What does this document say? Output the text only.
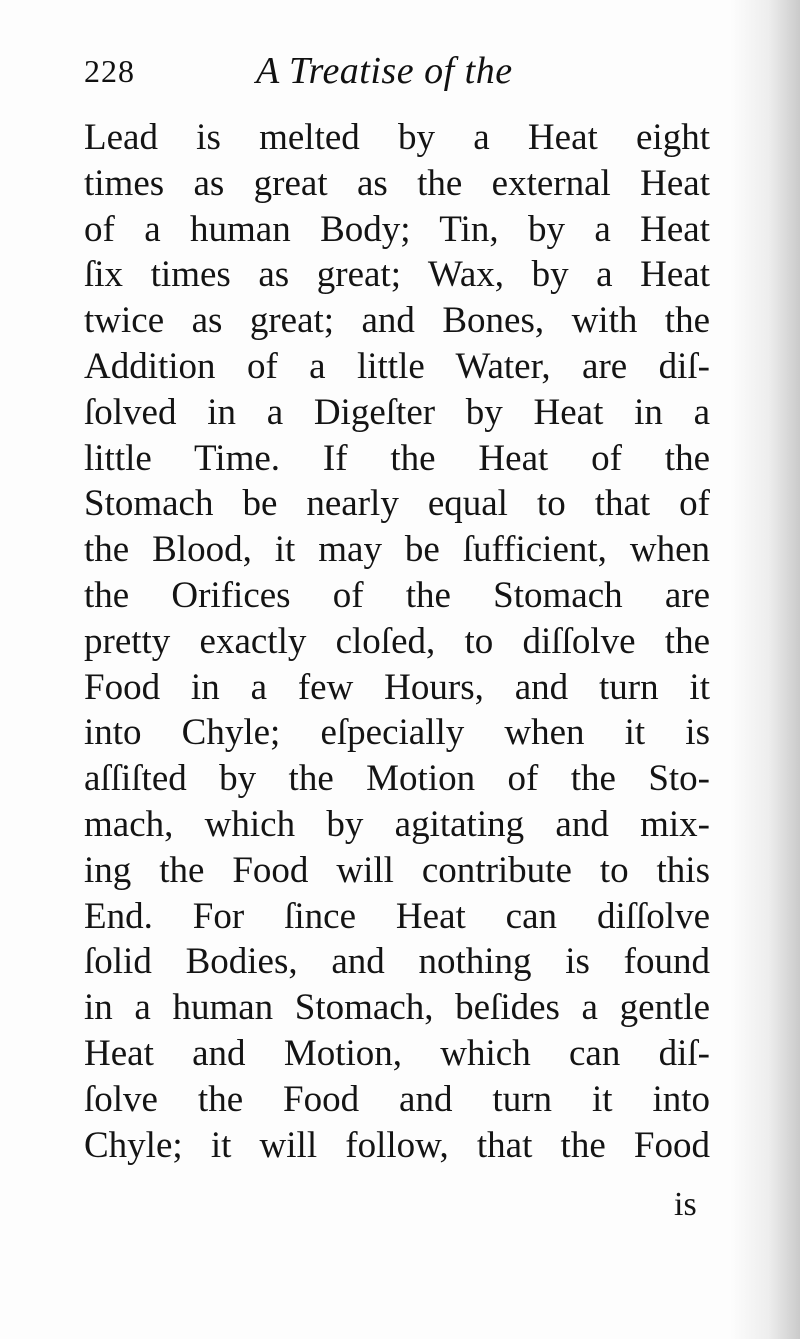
228	A Treatise of the
Lead is melted by a Heat eight
times as great as the external Heat
of a human Body; Tin, by a Heat
ſix times as great; Wax, by a Heat
twice as great; and Bones, with the
Addition of a little Water, are diſ-
ſolved in a Digeſter by Heat in a
little Time. If the Heat of the
Stomach be nearly equal to that of
the Blood, it may be ſufficient, when
the Orifices of the Stomach are
pretty exactly cloſed, to diſſolve the
Food in a few Hours, and turn it
into Chyle; eſpecially when it is
aſſiſted by the Motion of the Sto-
mach, which by agitating and mix-
ing the Food will contribute to this
End. For ſince Heat can diſſolve
ſolid Bodies, and nothing is found
in a human Stomach, beſides a gentle
Heat and Motion, which can diſ-
ſolve the Food and turn it into
Chyle; it will follow, that the Food
is
